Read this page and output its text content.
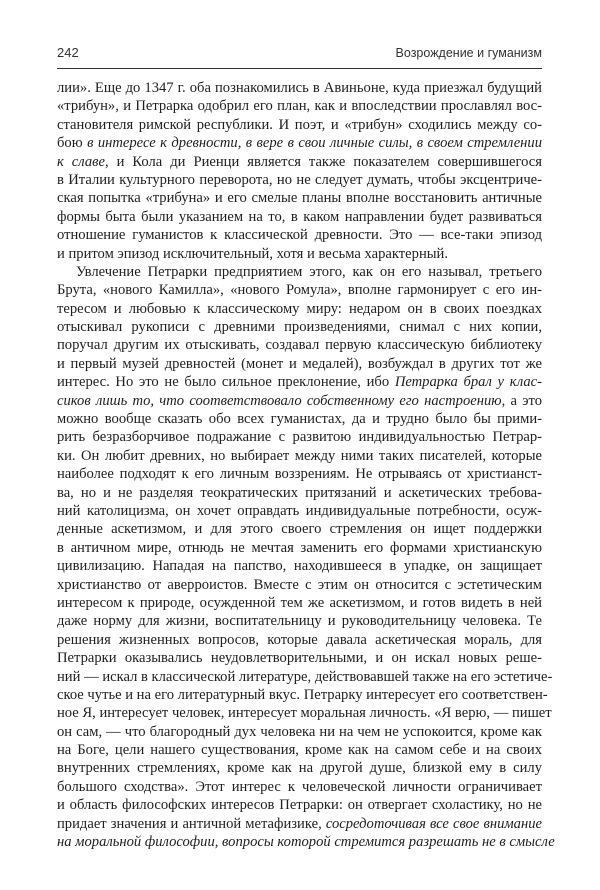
242	Возрождение и гуманизм
лии». Еще до 1347 г. оба познакомились в Авиньоне, куда приезжал будущий
«трибун», и Петрарка одобрил его план, как и впоследствии прославлял вос-
становителя римской республики. И поэт, и «трибун» сходились между со-
бою в интересе к древности, в вере в свои личные силы, в своем стремлении
к славе, и Кола ди Риенци является также показателем совершившегося
в Италии культурного переворота, но не следует думать, чтобы эксцентриче-
ская попытка «трибуна» и его смелые планы вполне восстановить античные
формы быта были указанием на то, в каком направлении будет развиваться
отношение гуманистов к классической древности. Это — все-таки эпизод
и притом эпизод исключительный, хотя и весьма характерный.
Увлечение Петрарки предприятием этого, как он его называл, третьего
Брута, «нового Камилла», «нового Ромула», вполне гармонирует с его ин-
тересом и любовью к классическому миру: недаром он в своих поездках
отыскивал рукописи с древними произведениями, снимал с них копии,
поручал другим их отыскивать, создавал первую классическую библиотеку
и первый музей древностей (монет и медалей), возбуждал в других тот же
интерес. Но это не было сильное преклонение, ибо Петрарка брал у клас-
сиков лишь то, что соответствовало собственному его настроению, а это
можно вообще сказать обо всех гуманистах, да и трудно было бы прими-
рить безразборчивое подражание с развитою индивидуальностью Петрар-
ки. Он любит древних, но выбирает между ними таких писателей, которые
наиболее подходят к его личным воззрениям. Не отрываясь от христианст-
ва, но и не разделяя теократических притязаний и аскетических требова-
ний католицизма, он хочет оправдать индивидуальные потребности, осуж-
денные аскетизмом, и для этого своего стремления он ищет поддержки
в античном мире, отнюдь не мечтая заменить его формами христианскую
цивилизацию. Нападая на папство, находившееся в упадке, он защищает
христианство от аверроистов. Вместе с этим он относится с эстетическим
интересом к природе, осужденной тем же аскетизмом, и готов видеть в ней
даже норму для жизни, воспитательницу и руководительницу человека. Те
решения жизненных вопросов, которые давала аскетическая мораль, для
Петрарки оказывались неудовлетворительными, и он искал новых реше-
ний — искал в классической литературе, действовавшей также на его эстетиче-
ское чутье и на его литературный вкус. Петрарку интересует его соответствен-
ное Я, интересует человек, интересует моральная личность. «Я верю, — пишет
он сам, — что благородный дух человека ни на чем не успокоится, кроме как
на Боге, цели нашего существования, кроме как на самом себе и на своих
внутренних стремлениях, кроме как на другой душе, близкой ему в силу
большого сходства». Этот интерес к человеческой личности ограничивает
и область философских интересов Петрарки: он отвергает схоластику, но не
придает значения и античной метафизике, сосредоточивая все свое внимание
на моральной философии, вопросы которой стремится разрешать не в смысле
